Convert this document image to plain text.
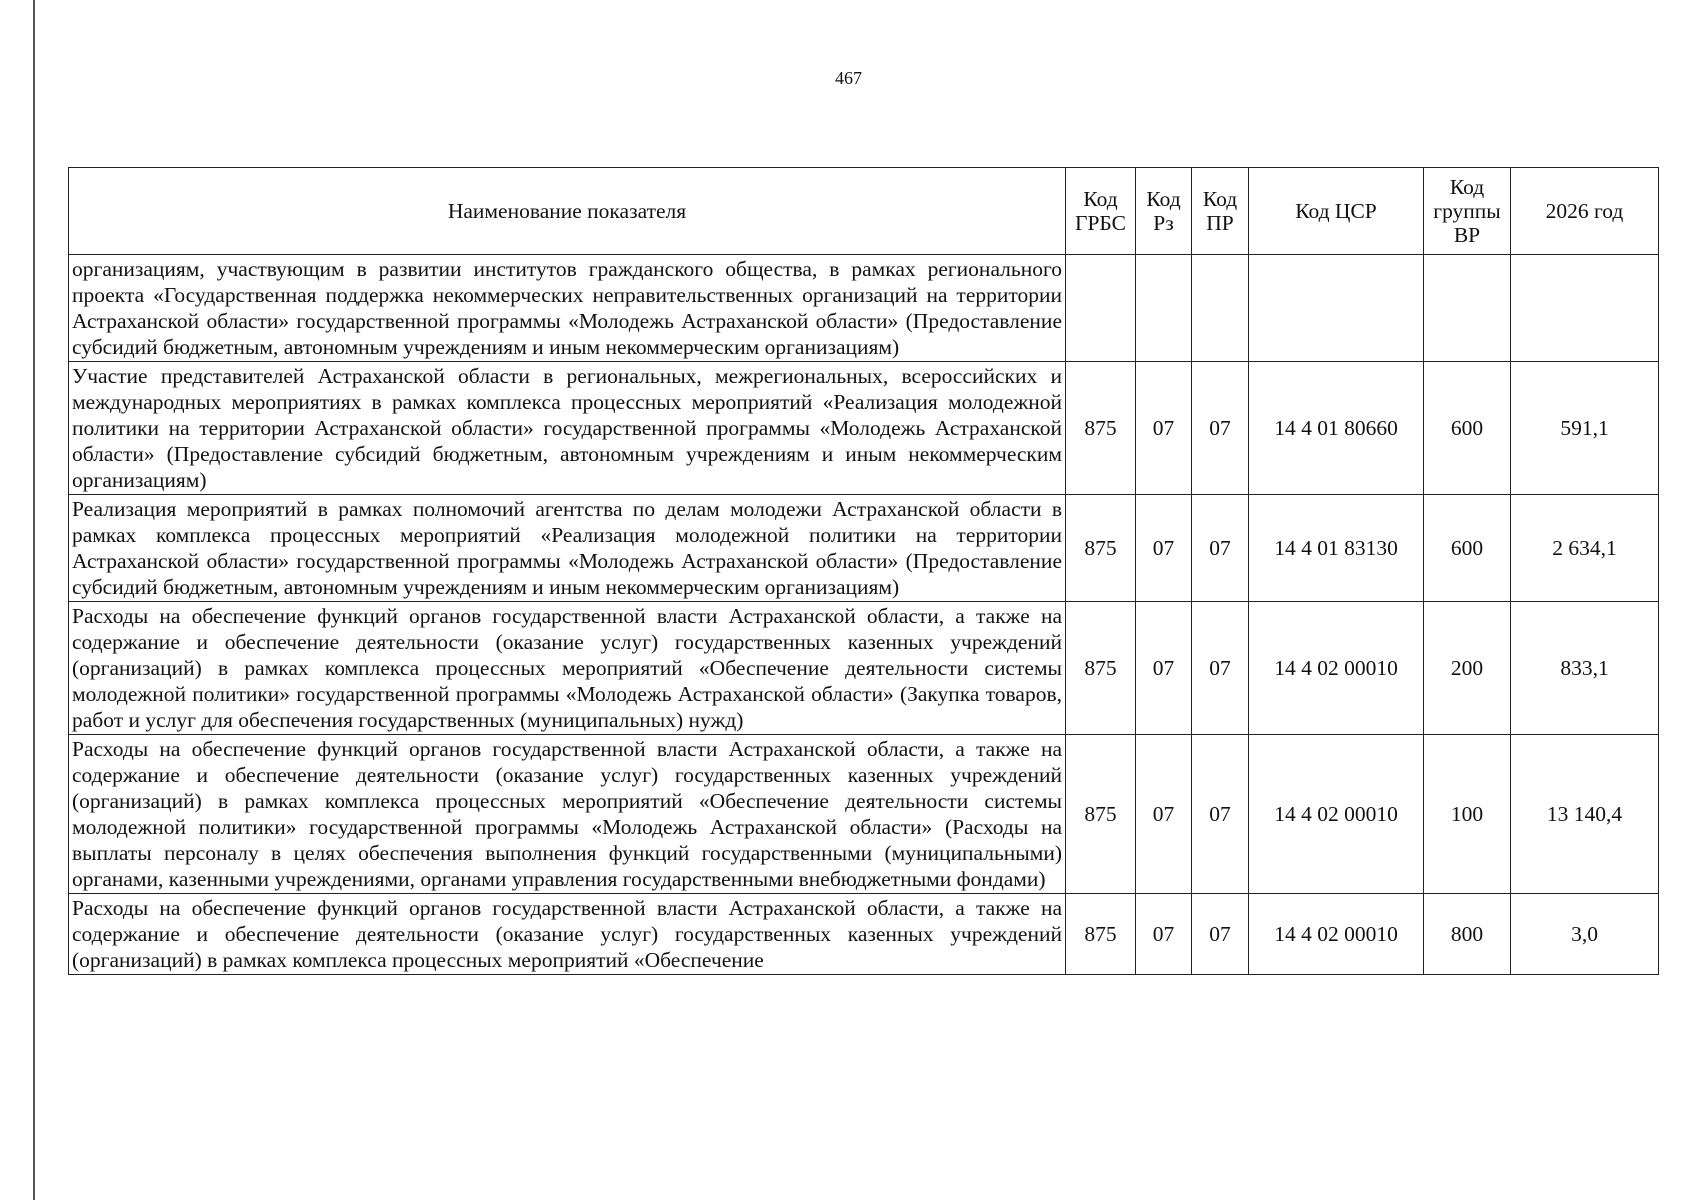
467
Наименование показателя	Код ГРБС	Код Рз	Код ПР	Код ЦСР	Код группы ВР	2026 год
организациям, участвующим в развитии институтов гражданского общества, в рамках регионального проекта «Государственная поддержка некоммерческих неправительственных организаций на территории Астраханской области» государственной программы «Молодежь Астраханской области» (Предоставление субсидий бюджетным, автономным учреждениям и иным некоммерческим организациям)						
Участие представителей Астраханской области в региональных, межрегиональных, всероссийских и международных мероприятиях в рамках комплекса процессных мероприятий «Реализация молодежной политики на территории Астраханской области» государственной программы «Молодежь Астраханской области» (Предоставление субсидий бюджетным, автономным учреждениям и иным некоммерческим организациям)	875	07	07	14 4 01 80660	600	591,1
Реализация мероприятий в рамках полномочий агентства по делам молодежи Астраханской области в рамках комплекса процессных мероприятий «Реализация молодежной политики на территории Астраханской области» государственной программы «Молодежь Астраханской области» (Предоставление субсидий бюджетным, автономным учреждениям и иным некоммерческим организациям)	875	07	07	14 4 01 83130	600	2 634,1
Расходы на обеспечение функций органов государственной власти Астраханской области, а также на содержание и обеспечение деятельности (оказание услуг) государственных казенных учреждений (организаций) в рамках комплекса процессных мероприятий «Обеспечение деятельности системы молодежной политики» государственной программы «Молодежь Астраханской области» (Закупка товаров, работ и услуг для обеспечения государственных (муниципальных) нужд)	875	07	07	14 4 02 00010	200	833,1
Расходы на обеспечение функций органов государственной власти Астраханской области, а также на содержание и обеспечение деятельности (оказание услуг) государственных казенных учреждений (организаций) в рамках комплекса процессных мероприятий «Обеспечение деятельности системы молодежной политики» государственной программы «Молодежь Астраханской области» (Расходы на выплаты персоналу в целях обеспечения выполнения функций государственными (муниципальными) органами, казенными учреждениями, органами управления государственными внебюджетными фондами)	875	07	07	14 4 02 00010	100	13 140,4
Расходы на обеспечение функций органов государственной власти Астраханской области, а также на содержание и обеспечение деятельности (оказание услуг) государственных казенных учреждений (организаций) в рамках комплекса процессных мероприятий «Обеспечение	875	07	07	14 4 02 00010	800	3,0
